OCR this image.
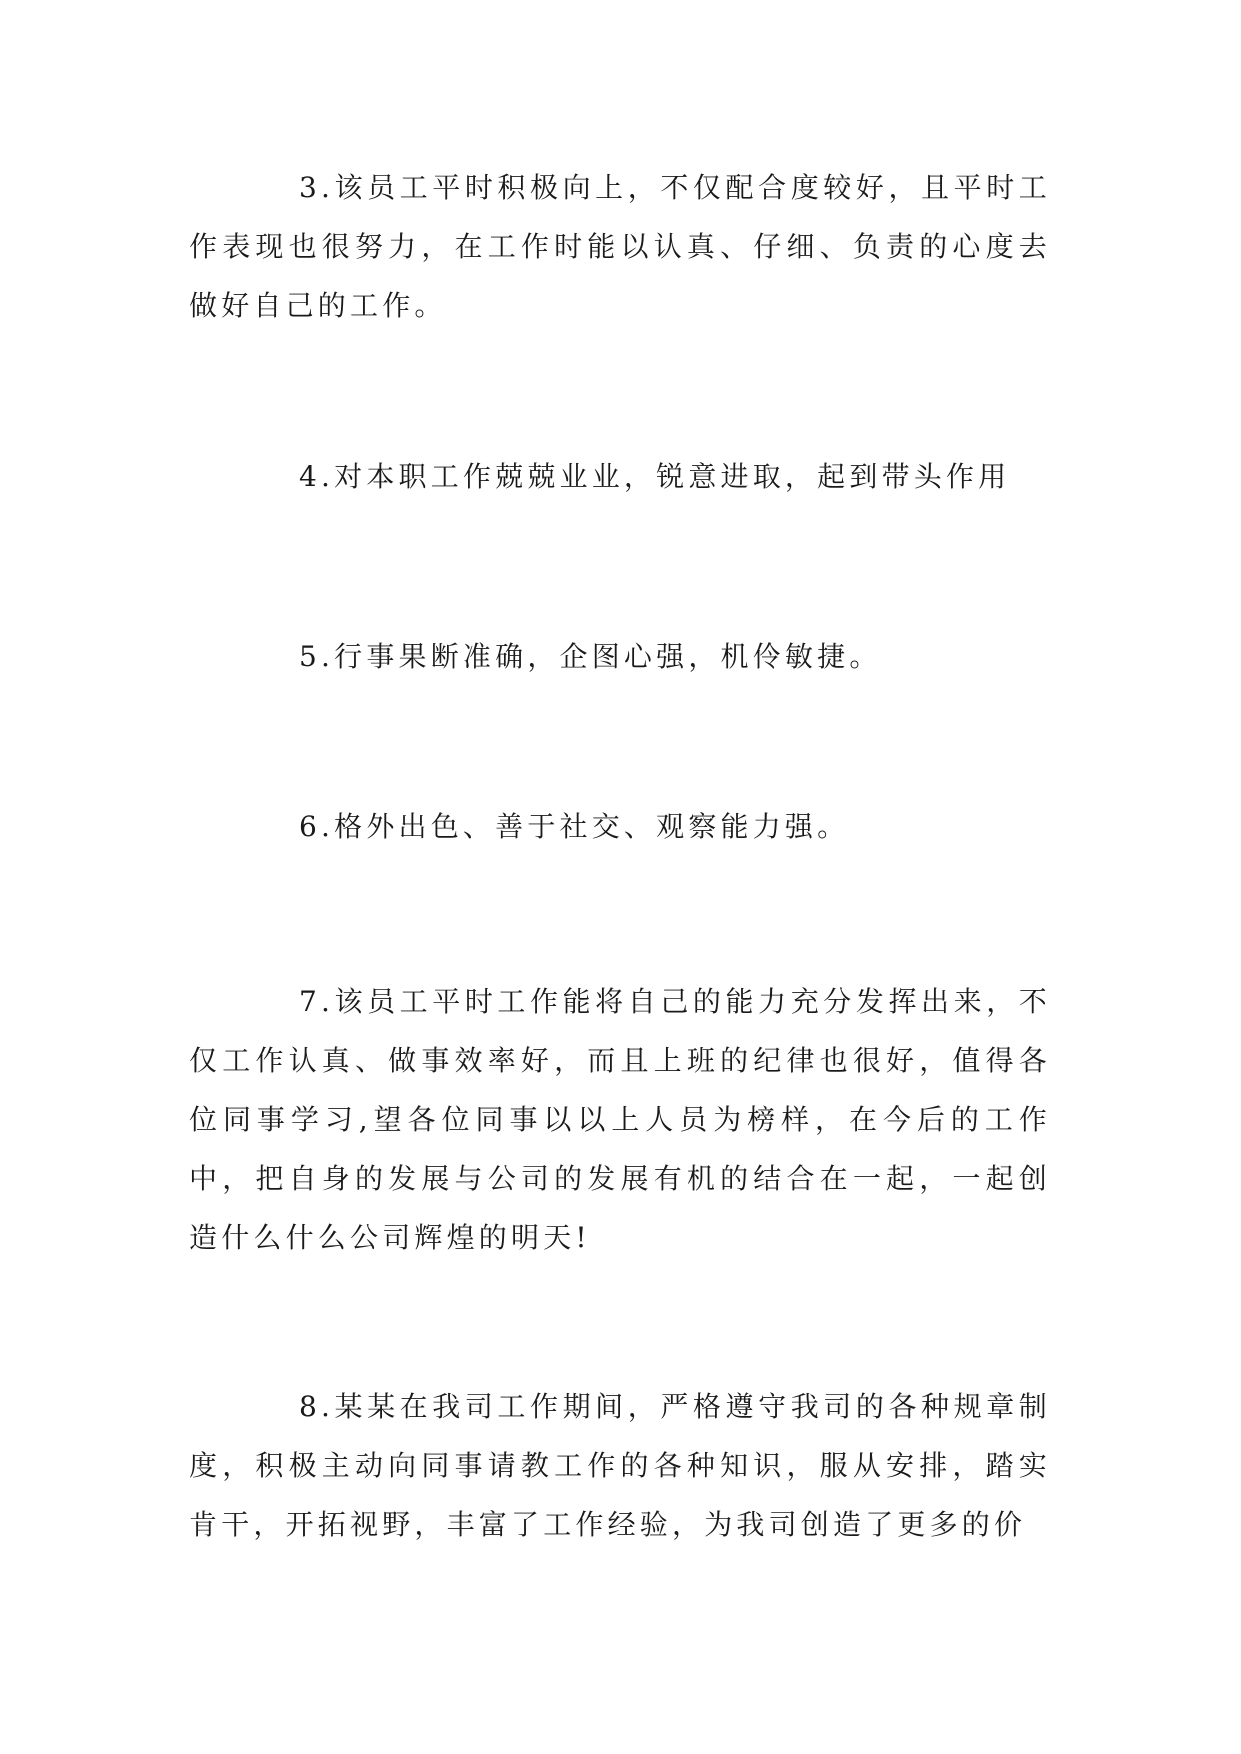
3.该员工平时积极向上，不仅配合度较好，且平时工作表现也很努力，在工作时能以认真、仔细、负责的心度去做好自己的工作。

4.对本职工作兢兢业业，锐意进取，起到带头作用

5.行事果断准确，企图心强，机伶敏捷。

6.格外出色、善于社交、观察能力强。

7.该员工平时工作能将自己的能力充分发挥出来，不仅工作认真、做事效率好，而且上班的纪律也很好，值得各位同事学习,望各位同事以以上人员为榜样，在今后的工作中，把自身的发展与公司的发展有机的结合在一起，一起创造什么什么公司辉煌的明天!

8.某某在我司工作期间，严格遵守我司的各种规章制度，积极主动向同事请教工作的各种知识，服从安排，踏实肯干，开拓视野，丰富了工作经验，为我司创造了更多的价
